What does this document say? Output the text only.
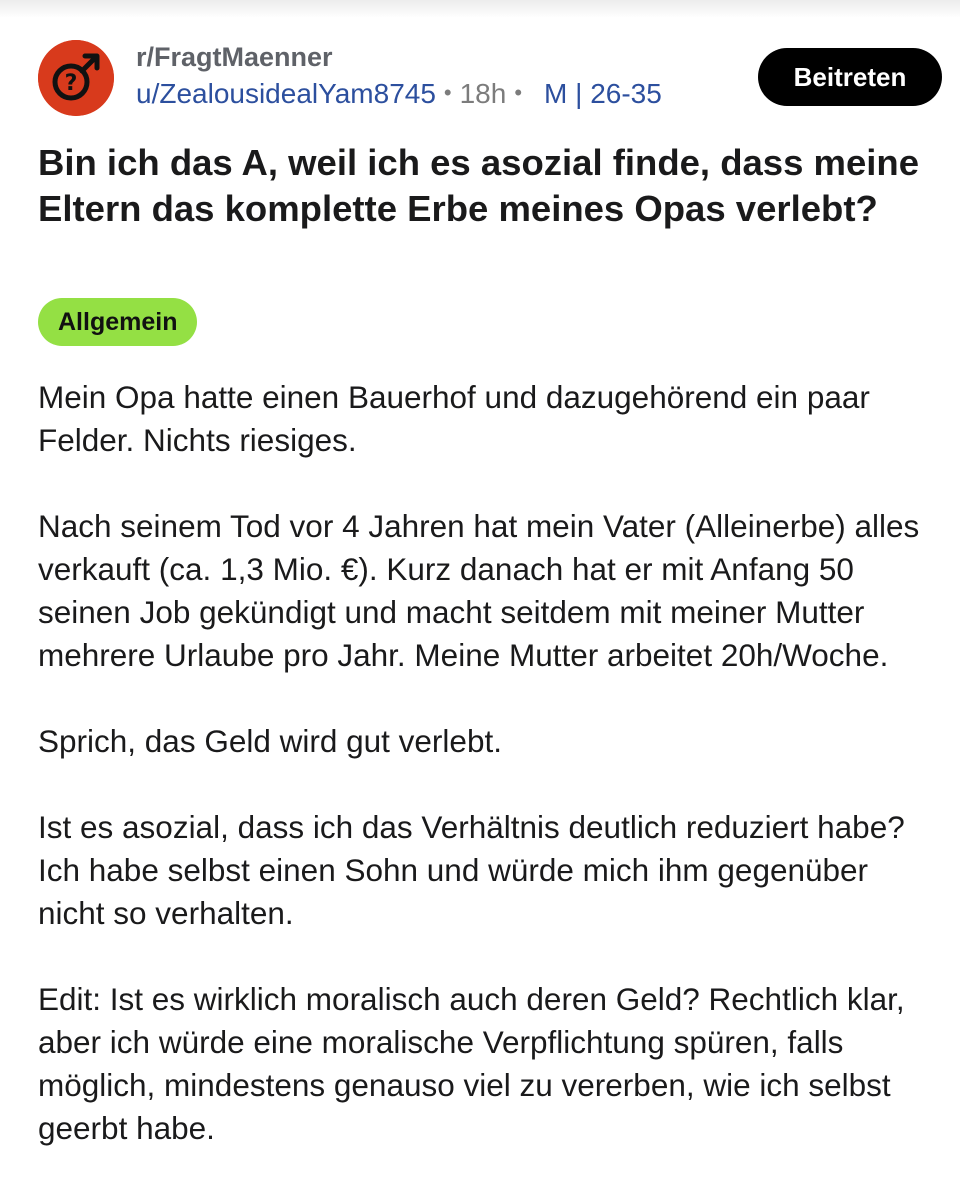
?
r/FragtMaenner
u/ZealousidealYam8745 • 18h • M | 26-35
Beitreten
Bin ich das A, weil ich es asozial finde, dass meine Eltern das komplette Erbe meines Opas verlebt?
Allgemein

Mein Opa hatte einen Bauerhof und dazugehörend ein paar Felder. Nichts riesiges.

Nach seinem Tod vor 4 Jahren hat mein Vater (Alleinerbe) alles verkauft (ca. 1,3 Mio. €). Kurz danach hat er mit Anfang 50 seinen Job gekündigt und macht seitdem mit meiner Mutter mehrere Urlaube pro Jahr. Meine Mutter arbeitet 20h/Woche.

Sprich, das Geld wird gut verlebt.

Ist es asozial, dass ich das Verhältnis deutlich reduziert habe? Ich habe selbst einen Sohn und würde mich ihm gegenüber nicht so verhalten.

Edit: Ist es wirklich moralisch auch deren Geld? Rechtlich klar, aber ich würde eine moralische Verpflichtung spüren, falls möglich, mindestens genauso viel zu vererben, wie ich selbst geerbt habe.
